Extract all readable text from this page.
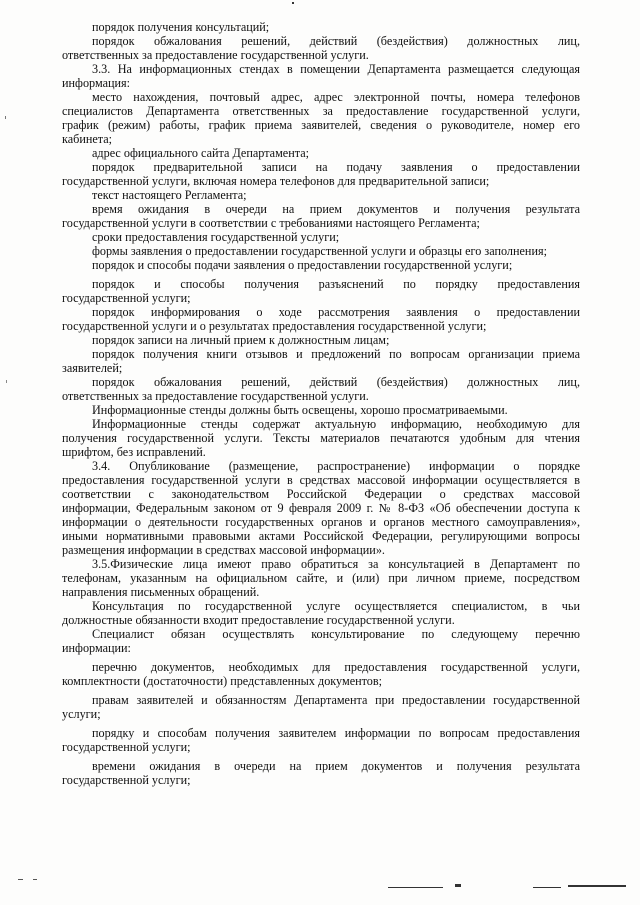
порядок получения консультаций;
порядок обжалования решений, действий (бездействия) должностных лиц,
ответственных за предоставление государственной услуги.
3.3. На информационных стендах в помещении Департамента размещается следующая
информация:
место нахождения, почтовый адрес, адрес электронной почты, номера телефонов
специалистов Департамента ответственных за предоставление государственной услуги,
график (режим) работы, график приема заявителей, сведения о руководителе, номер его
кабинета;
адрес официального сайта Департамента;
порядок предварительной записи на подачу заявления о предоставлении
государственной услуги, включая номера телефонов для предварительной записи;
текст настоящего Регламента;
время ожидания в очереди на прием документов и получения результата
государственной услуги в соответствии с требованиями настоящего Регламента;
сроки предоставления государственной услуги;
формы заявления о предоставлении государственной услуги и образцы его заполнения;
порядок и способы подачи заявления о предоставлении государственной услуги;
порядок и способы получения разъяснений по порядку предоставления
государственной услуги;
порядок информирования о ходе рассмотрения заявления о предоставлении
государственной услуги и о результатах предоставления государственной услуги;
порядок записи на личный прием к должностным лицам;
порядок получения книги отзывов и предложений по вопросам организации приема
заявителей;
порядок обжалования решений, действий (бездействия) должностных лиц,
ответственных за предоставление государственной услуги.
Информационные стенды должны быть освещены, хорошо просматриваемыми.
Информационные стенды содержат актуальную информацию, необходимую для
получения государственной услуги. Тексты материалов печатаются удобным для чтения
шрифтом, без исправлений.
3.4. Опубликование (размещение, распространение) информации о порядке
предоставления государственной услуги в средствах массовой информации осуществляется в
соответствии с законодательством Российской Федерации о средствах массовой
информации, Федеральным законом от 9 февраля 2009 г. № 8-ФЗ «Об обеспечении доступа к
информации о деятельности государственных органов и органов местного самоуправления»,
иными нормативными правовыми актами Российской Федерации, регулирующими вопросы
размещения информации в средствах массовой информации».
3.5.Физические лица имеют право обратиться за консультацией в Департамент по
телефонам, указанным на официальном сайте, и (или) при личном приеме, посредством
направления письменных обращений.
Консультация по государственной услуге осуществляется специалистом, в чьи
должностные обязанности входит предоставление государственной услуги.
Специалист обязан осуществлять консультирование по следующему перечню
информации:
перечню документов, необходимых для предоставления государственной услуги,
комплектности (достаточности) представленных документов;
правам заявителей и обязанностям Департамента при предоставлении государственной
услуги;
порядку и способам получения заявителем информации по вопросам предоставления
государственной услуги;
времени ожидания в очереди на прием документов и получения результата
государственной услуги;
